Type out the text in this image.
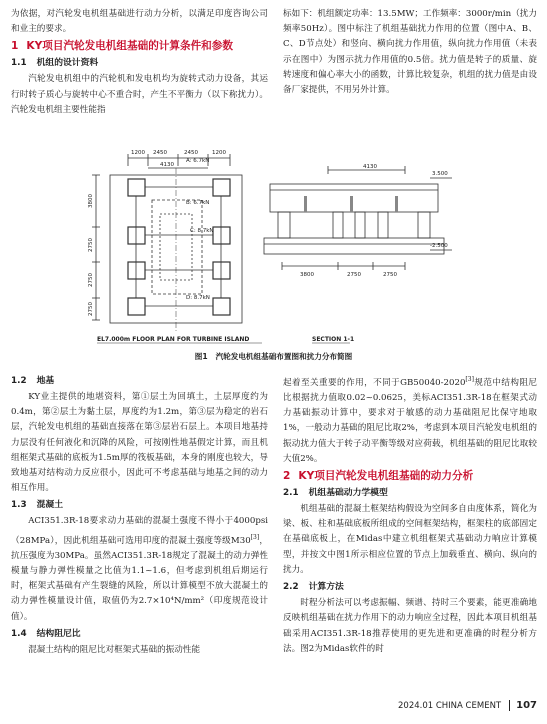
为依据，对汽轮发电机组基础进行动力分析，以满足印度咨询公司和业主的要求。

1 KY项目汽轮发电机组基础的计算条件和参数
1.1 机组的设计资料

汽轮发电机组中的汽轮机和发电机均为旋转式动力设备，其运行时转子质心与旋转中心不重合时，产生不平衡力（以下称扰力）。汽轮发电机组主要性能指

标如下：机组额定功率：13.5MW；工作频率：3000r/min（扰力频率50Hz）。图中标注了机组基础扰力作用的位置（图中A、B、C、D节点处）和竖向、横向扰力作用值，纵向扰力作用值（未表示在图中）为图示扰力作用值的0.5倍。扰力值是转子的质量、旋转速度和偏心率大小的函数，计算比较复杂，机组的扰力值是由设备厂家提供，不用另外计算。

1200 2450	2450	1200
4130
A: 6.7kN
B: 6.7kN
C: 8.7kN
D: 8.7kN
3800
2750
2750
2750
EL7.000m FLOOR PLAN FOR TURBINE ISLAND
4130
3.500
-2.500
3800	2750	2750
SECTION 1-1
图1 汽轮发电机组基础布置图和扰力分布简图
1.2 地基

KY业主提供的地堪资料，第①层土为回填土，土层厚度约为0.4m，第②层土为黏土层，厚度约为1.2m，第③层为稳定的岩石层，汽轮发电机组的基础直接落在第③层岩石层上。本项目地基持力层没有任何液化和沉降的风险，可按刚性地基假定计算，而且机组框架式基础的底板为1.5m厚的筏板基础，本身的刚度也较大，导致地基对结构动力反应很小，因此可不考虑基础与地基之间的动力相互作用。

1.3 混凝土

ACI351.3R-18要求动力基础的混凝土强度不得小于4000psi（28MPa），因此机组基础可选用印度的混凝土强度等级M30[3]，抗压强度为30MPa。虽然ACI351.3R-18规定了混凝土的动力弹性模量与静力弹性模量之比值为1.1~1.6，但考虑到机组后期运行时，框架式基础有产生裂缝的风险，所以计算模型不放大混凝土的动力弹性模量设计值，取值仍为2.7×10⁴N/mm²（印度规范设计值）。

1.4 结构阻尼比

混凝土结构的阻尼比对框架式基础的振动性能

起着至关重要的作用，不同于GB50040-2020[3]规范中结构阻尼比根据扰力值取0.02~0.0625，美标ACI351.3R-18在框架式动力基础振动计算中，要求对于敏感的动力基础阻尼比保守地取1%，一般动力基础的阻尼比取2%，考虑到本项目汽轮发电机组的振动扰力值大于转子动平衡等级对应荷载，机组基础的阻尼比取较大值2%。

2 KY项目汽轮发电机组基础的动力分析
2.1 机组基础动力学模型

机组基础的混凝土框架结构假设为空间多自由度体系，简化为梁、板、柱和基础底板所组成的空间框架结构，框架柱的底部固定在基础底板上，在Midas中建立机组框架式基础动力响应计算模型，并按文中图1所示相应位置的节点上加载垂直、横向、纵向的扰力。

2.2 计算方法

时程分析法可以考虑振幅、频谱、持时三个要素，能更准确地反映机组基础在扰力作用下的动力响应全过程，因此本项目机组基础采用ACI351.3R-18推荐使用的更先进和更准确的时程分析方法。图2为Midas软件的时

2024.01 CHINA CEMENT 107
